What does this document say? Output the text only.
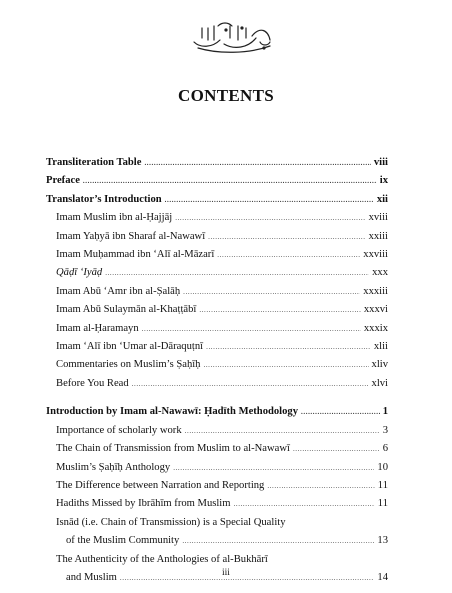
CONTENTS
Transliteration Table .....	viii
Preface .....	ix
Translator’s Introduction .....	xii
Imam Muslim ibn al-Ḥajjāj .....	xviii
Imam Yaḥyā ibn Sharaf al-Nawawī .....	xxiii
Imam Muḥammad ibn ‘Alī al-Māzarī .....	xxviii
Qāḍī ‘Iyāḍ .....	xxx
Imam Abū ‘Amr ibn al-Ṣalāḥ .....	xxxiii
Imam Abū Sulaymān al-Khaṭṭābī .....	xxxvi
Imam al-Ḥaramayn .....	xxxix
Imam ‘Alī ibn ‘Umar al-Dāraquṭnī .....	xlii
Commentaries on Muslim’s Ṣaḥīḥ .....	xliv
Before You Read .....	xlvi
Introduction by Imam al-Nawawī: Ḥadīth Methodology .....	1
Importance of scholarly work .....	3
The Chain of Transmission from Muslim to al-Nawawī .....	6
Muslim’s Ṣaḥīḥ Anthology .....	10
The Difference between Narration and Reporting .....	11
Hadiths Missed by Ibrāhīm from Muslim .....	11
Isnād (i.e. Chain of Transmission) is a Special Quality
of the Muslim Community .....	13
The Authenticity of the Anthologies of al-Bukhārī
and Muslim .....	14
iii
